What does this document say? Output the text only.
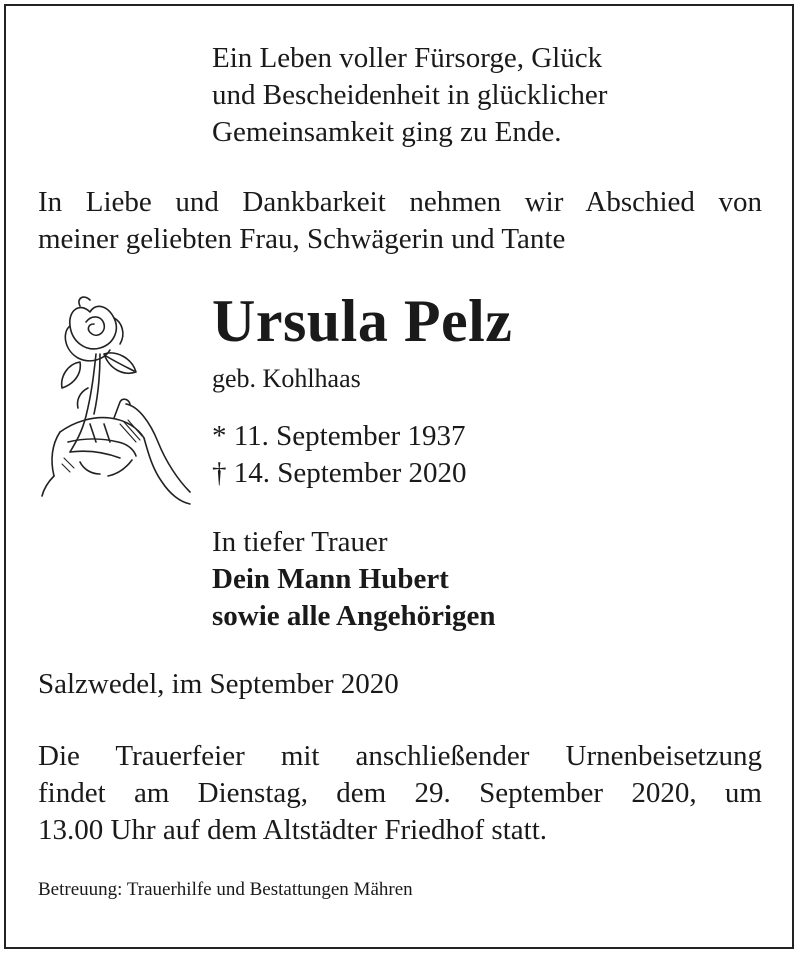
Ein Leben voller Fürsorge, Glück
und Bescheidenheit in glücklicher
Gemeinsamkeit ging zu Ende.

In Liebe und Dankbarkeit nehmen wir Abschied von
meiner geliebten Frau, Schwägerin und Tante

Ursula Pelz

geb. Kohlhaas

* 11. September 1937
† 14. September 2020

In tiefer Trauer
Dein Mann Hubert
sowie alle Angehörigen

Salzwedel, im September 2020

Die Trauerfeier mit anschließender Urnenbeisetzung
findet am Dienstag, dem 29. September 2020, um
13.00 Uhr auf dem Altstädter Friedhof statt.

Betreuung: Trauerhilfe und Bestattungen Mähren
